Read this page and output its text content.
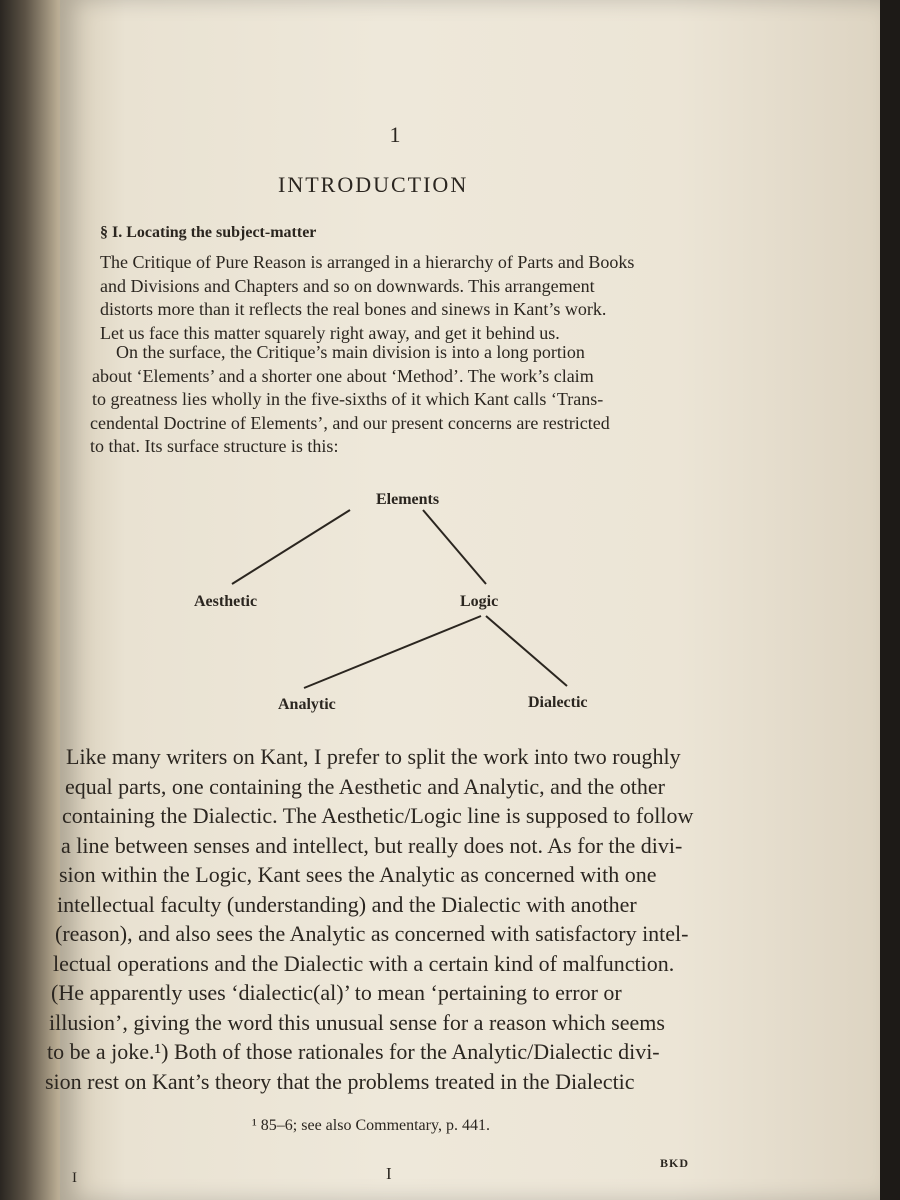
1
INTRODUCTION
§ I. Locating the subject-matter
The Critique of Pure Reason is arranged in a hierarchy of Parts and Books
and Divisions and Chapters and so on downwards. This arrangement
distorts more than it reflects the real bones and sinews in Kant’s work.
Let us face this matter squarely right away, and get it behind us.
On the surface, the Critique’s main division is into a long portion
about ‘Elements’ and a shorter one about ‘Method’. The work’s claim
to greatness lies wholly in the five-sixths of it which Kant calls ‘Trans-
cendental Doctrine of Elements’, and our present concerns are restricted
to that. Its surface structure is this:
Elements
Aesthetic	Logic
Analytic	Dialectic
Like many writers on Kant, I prefer to split the work into two roughly
equal parts, one containing the Aesthetic and Analytic, and the other
containing the Dialectic. The Aesthetic/Logic line is supposed to follow
a line between senses and intellect, but really does not. As for the divi-
sion within the Logic, Kant sees the Analytic as concerned with one
intellectual faculty (understanding) and the Dialectic with another
(reason), and also sees the Analytic as concerned with satisfactory intel-
lectual operations and the Dialectic with a certain kind of malfunction.
(He apparently uses ‘dialectic(al)’ to mean ‘pertaining to error or
illusion’, giving the word this unusual sense for a reason which seems
to be a joke.¹) Both of those rationales for the Analytic/Dialectic divi-
sion rest on Kant’s theory that the problems treated in the Dialectic
¹ 85–6; see also Commentary, p. 441.
I	I
BKD
